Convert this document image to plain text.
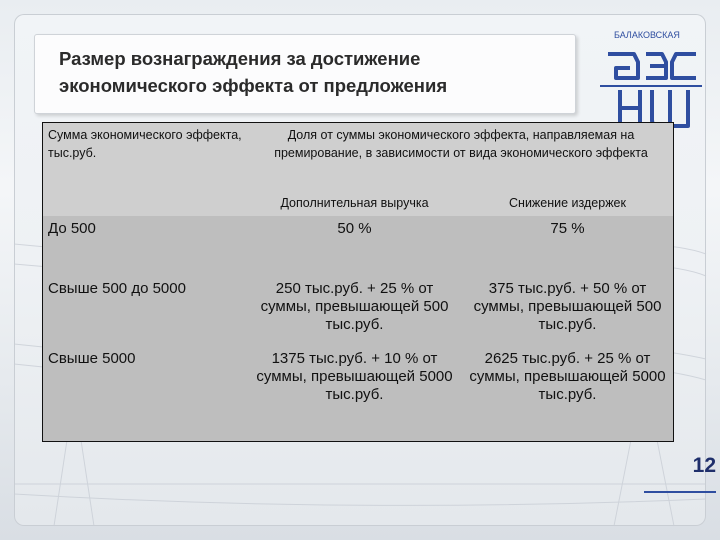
Размер вознаграждения за достижение экономического эффекта от предложения
БАЛАКОВСКАЯ
12
Сумма экономического эффекта, тыс.руб.	Доля от суммы экономического эффекта, направляемая на премирование, в зависимости от вида экономического эффекта	

	Дополнительная выручка	Снижение издержек

До 500	50 %	75 %

Свыше 500 до 5000	250 тыс.руб. + 25 % от суммы, превышающей 500 тыс.руб.	375 тыс.руб. + 50 % от суммы, превышающей 500 тыс.руб.

Свыше 5000	1375 тыс.руб. + 10 % от суммы, превышающей 5000 тыс.руб.	2625 тыс.руб. + 25 % от суммы, превышающей 5000 тыс.руб.
